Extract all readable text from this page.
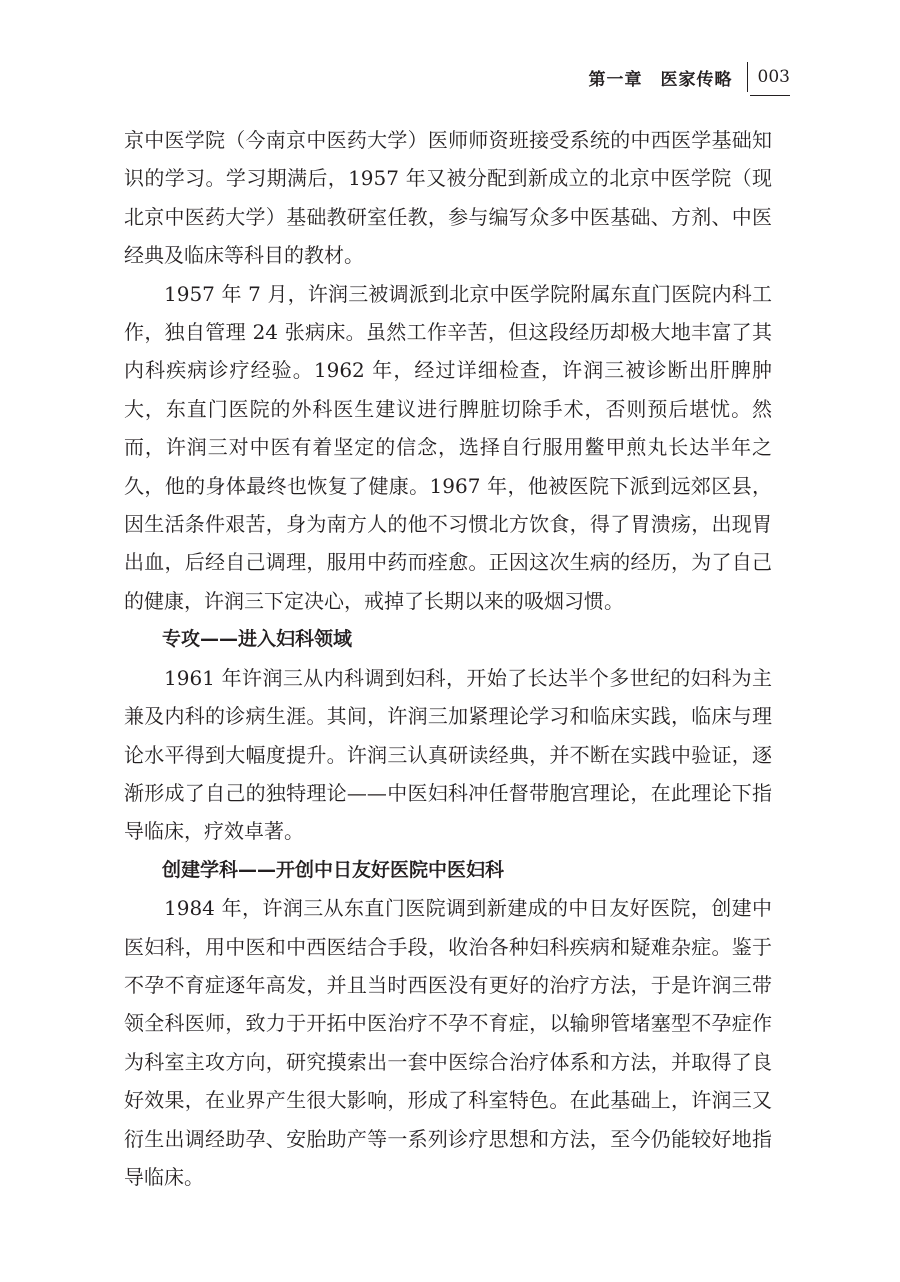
第一章　医家传略 003

京中医学院（今南京中医药大学）医师师资班接受系统的中西医学基础知识的学习。学习期满后，1957 年又被分配到新成立的北京中医学院（现北京中医药大学）基础教研室任教，参与编写众多中医基础、方剂、中医经典及临床等科目的教材。

1957 年 7 月，许润三被调派到北京中医学院附属东直门医院内科工作，独自管理 24 张病床。虽然工作辛苦，但这段经历却极大地丰富了其内科疾病诊疗经验。1962 年，经过详细检查，许润三被诊断出肝脾肿大，东直门医院的外科医生建议进行脾脏切除手术，否则预后堪忧。然而，许润三对中医有着坚定的信念，选择自行服用鳖甲煎丸长达半年之久，他的身体最终也恢复了健康。1967 年，他被医院下派到远郊区县，因生活条件艰苦，身为南方人的他不习惯北方饮食，得了胃溃疡，出现胃出血，后经自己调理，服用中药而痊愈。正因这次生病的经历，为了自己的健康，许润三下定决心，戒掉了长期以来的吸烟习惯。

专攻——进入妇科领域

1961 年许润三从内科调到妇科，开始了长达半个多世纪的妇科为主兼及内科的诊病生涯。其间，许润三加紧理论学习和临床实践，临床与理论水平得到大幅度提升。许润三认真研读经典，并不断在实践中验证，逐渐形成了自己的独特理论——中医妇科冲任督带胞宫理论，在此理论下指导临床，疗效卓著。

创建学科——开创中日友好医院中医妇科

1984 年，许润三从东直门医院调到新建成的中日友好医院，创建中医妇科，用中医和中西医结合手段，收治各种妇科疾病和疑难杂症。鉴于不孕不育症逐年高发，并且当时西医没有更好的治疗方法，于是许润三带领全科医师，致力于开拓中医治疗不孕不育症，以输卵管堵塞型不孕症作为科室主攻方向，研究摸索出一套中医综合治疗体系和方法，并取得了良好效果，在业界产生很大影响，形成了科室特色。在此基础上，许润三又衍生出调经助孕、安胎助产等一系列诊疗思想和方法，至今仍能较好地指导临床。
